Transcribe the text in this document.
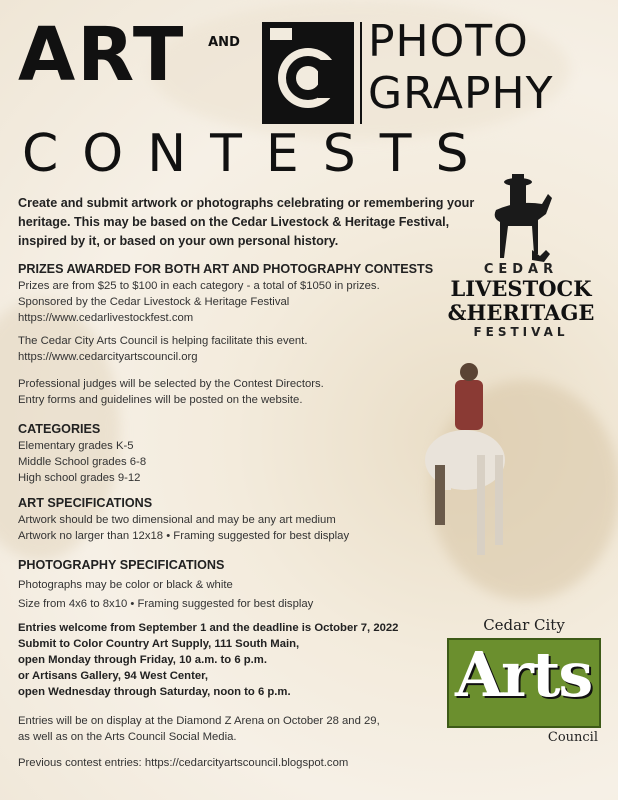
ART	AND	PHOTO
GRAPHY
CONTESTS
Create and submit artwork or photographs celebrating or remembering your heritage. This may be based on the Cedar Livestock & Heritage Festival, inspired by it, or based on your own personal history.
PRIZES AWARDED FOR BOTH ART AND PHOTOGRAPHY CONTESTS
Prizes are from $25 to $100 in each category - a total of $1050 in prizes.
Sponsored by the Cedar Livestock & Heritage Festival
https://www.cedarlivestockfest.com
The Cedar City Arts Council is helping facilitate this event.
https://www.cedarcityartscouncil.org
Professional judges will be selected by the Contest Directors.
Entry forms and guidelines will be posted on the website.
CATEGORIES
Elementary grades K-5
Middle School grades 6-8
High school grades 9-12
ART SPECIFICATIONS
Artwork should be two dimensional and may be any art medium
Artwork no larger than 12x18 • Framing suggested for best display
PHOTOGRAPHY SPECIFICATIONS
Photographs may be color or black & white
Size from 4x6 to 8x10 • Framing suggested for best display
Entries welcome from September 1 and the deadline is October 7, 2022
Submit to Color Country Art Supply, 111 South Main,
open Monday through Friday, 10 a.m. to 6 p.m.
or Artisans Gallery, 94 West Center,
open Wednesday through Saturday, noon to 6 p.m.
Entries will be on display at the Diamond Z Arena on October 28 and 29,
as well as on the Arts Council Social Media.
Previous contest entries: https://cedarcityartscouncil.blogspot.com
CEDAR
LIVESTOCK
&HERITAGE
FESTIVAL
Cedar City
Arts
Council
